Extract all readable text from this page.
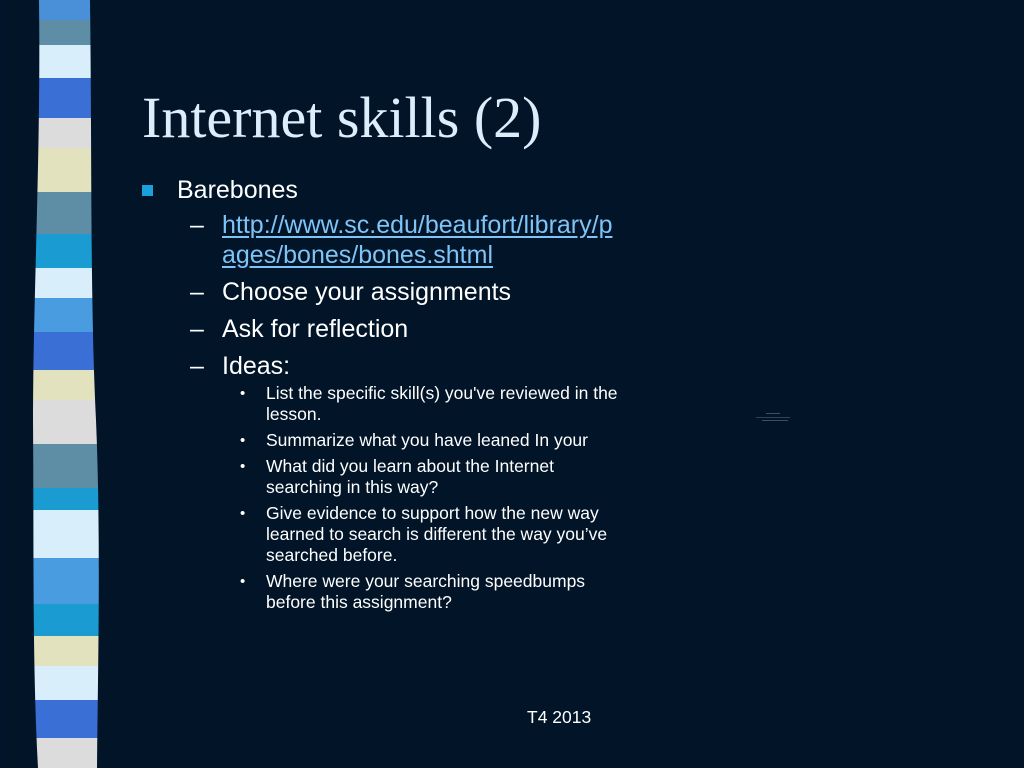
Internet skills (2)
Barebones
– http://www.sc.edu/beaufort/library/pages/bones/bones.shtml
– Choose your assignments
– Ask for reflection
– Ideas:
• List the specific skill(s) you've reviewed in the lesson.
• Summarize what you have leaned In your
• What did you learn about the Internet searching in this way?
• Give evidence to support how the new way learned to search is different the way you’ve searched before.
• Where were your searching speedbumps before this assignment?
T4 2013
